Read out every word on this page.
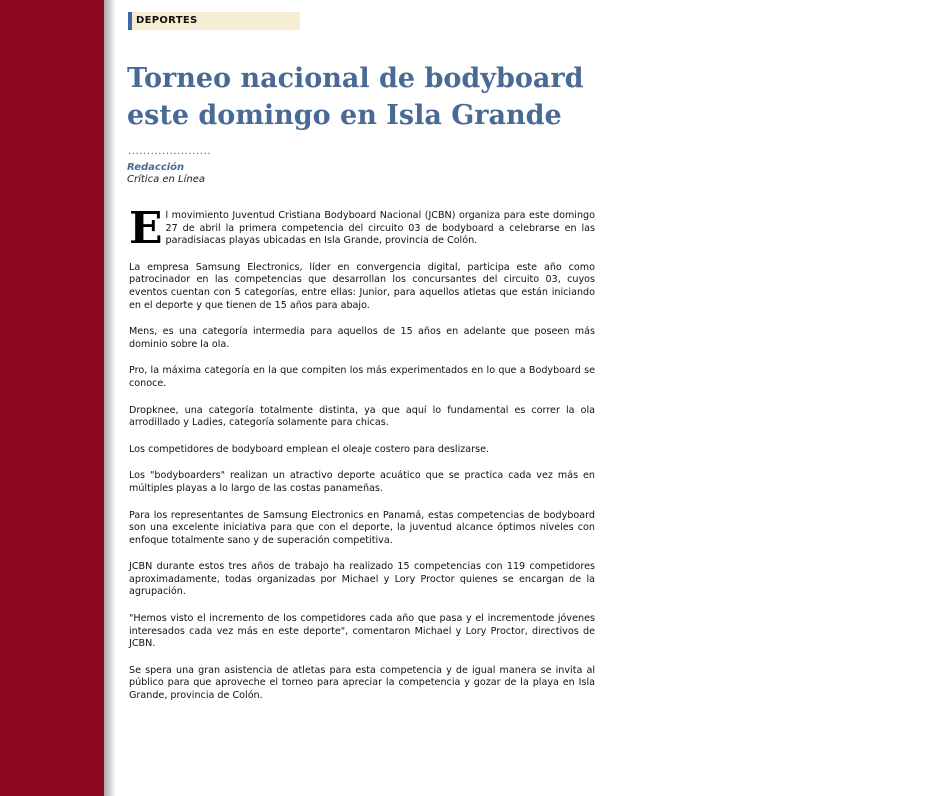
DEPORTES
Torneo nacional de bodyboard este domingo en Isla Grande
......................
Redacción
Crítica en Línea

El movimiento Juventud Cristiana Bodyboard Nacional (JCBN) organiza para este domingo 27 de abril la primera competencia del circuito 03 de bodyboard a celebrarse en las paradisiacas playas ubicadas en Isla Grande, provincia de Colón.

La empresa Samsung Electronics, líder en convergencia digital, participa este año como patrocinador en las competencias que desarrollan los concursantes del circuito 03, cuyos eventos cuentan con 5 categorías, entre ellas: Junior, para aquellos atletas que están iniciando en el deporte y que tienen de 15 años para abajo.

Mens, es una categoría intermedia para aquellos de 15 años en adelante que poseen más dominio sobre la ola.

Pro, la máxima categoría en la que compiten los más experimentados en lo que a Bodyboard se conoce.

Dropknee, una categoría totalmente distinta, ya que aquí lo fundamental es correr la ola arrodillado y Ladies, categoría solamente para chicas.

Los competidores de bodyboard emplean el oleaje costero para deslizarse.

Los "bodyboarders" realizan un atractivo deporte acuático que se practica cada vez más en múltiples playas a lo largo de las costas panameñas.

Para los representantes de Samsung Electronics en Panamá, estas competencias de bodyboard son una excelente iniciativa para que con el deporte, la juventud alcance óptimos niveles con enfoque totalmente sano y de superación competitiva.

JCBN durante estos tres años de trabajo ha realizado 15 competencias con 119 competidores aproximadamente, todas organizadas por Michael y Lory Proctor quienes se encargan de la agrupación.

"Hemos visto el incremento de los competidores cada año que pasa y el incrementode jóvenes interesados cada vez más en este deporte", comentaron Michael y Lory Proctor, directivos de JCBN.

Se spera una gran asistencia de atletas para esta competencia y de igual manera se invita al público para que aproveche el torneo para apreciar la competencia y gozar de la playa en Isla Grande, provincia de Colón.
